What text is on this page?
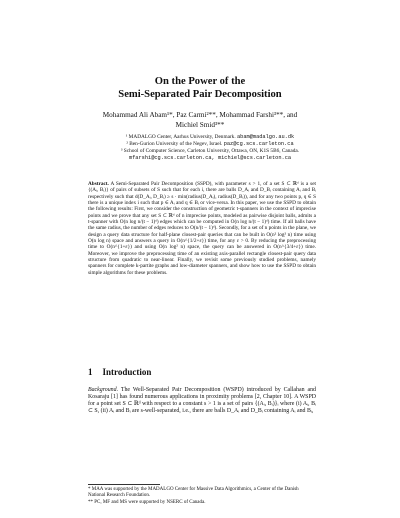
On the Power of the
Semi-Separated Pair Decomposition
Mohammad Ali Abam¹*, Paz Carmi²**, Mohammad Farshi³**, and
Michiel Smid³**
¹ MADALGO Center, Aarhus University, Denmark. abam@madalgo.au.dk
² Ben-Gurion University of the Negev, Israel. paz@cg.scs.carleton.ca
³ School of Computer Science, Carleton University, Ottawa, ON, K1S 5B6, Canada.
mfarshi@cg.scs.carleton.ca, michiel@scs.carleton.ca
Abstract. A Semi-Separated Pair Decomposition (SSPD), with parameter s > 1, of a set S ⊂ ℝᵈ is a set {(Aᵢ, Bᵢ)} of pairs of subsets of S such that for each i, there are balls D_Aᵢ and D_Bᵢ containing Aᵢ and Bᵢ respectively such that d(D_Aᵢ, D_Bᵢ) ≥ s · min(radius(D_Aᵢ), radius(D_Bᵢ)), and for any two points p, q ∈ S there is a unique index i such that p ∈ Aᵢ and q ∈ Bᵢ or vice-versa. In this paper, we use the SSPD to obtain the following results: First, we consider the construction of geometric t-spanners in the context of imprecise points and we prove that any set S ⊂ ℝᵈ of n imprecise points, modeled as pairwise disjoint balls, admits a t-spanner with O(n log n/(t − 1)ᵈ) edges which can be computed in O(n log n/(t − 1)ᵈ) time. If all balls have the same radius, the number of edges reduces to O(n/(t − 1)ᵈ). Secondly, for a set of n points in the plane, we design a query data structure for half-plane closest-pair queries that can be built in O(n² log² n) time using O(n log n) space and answers a query in O(n^{1/2+ε}) time, for any ε > 0. By reducing the preprocessing time to O(n^{1+ε}) and using O(n log² n) space, the query can be answered in O(n^{3/4+ε}) time. Moreover, we improve the preprocessing time of an existing axis-parallel rectangle closest-pair query data structure from quadratic to near-linear. Finally, we revisit some previously studied problems, namely spanners for complete k-partite graphs and low-diameter spanners, and show how to use the SSPD to obtain simple algorithms for these problems.
1 Introduction
Background. The Well-Separated Pair Decomposition (WSPD) introduced by Callahan and Kosaraju [1] has found numerous applications in proximity problems [2, Chapter 10]. A WSPD for a point set S ⊂ ℝᵈ with respect to a constant s > 1 is a set of pairs {(Aᵢ, Bᵢ)}ᵢ where (i) Aᵢ, Bᵢ ⊂ S, (ii) Aᵢ and Bᵢ are s-well-separated, i.e., there are balls D_Aᵢ and D_Bᵢ containing Aᵢ and Bᵢ,
* MAA was supported by the MADALGO Center for Massive Data Algorithmics, a Center of the Danish National Research Foundation.
** PC, MF and MS were supported by NSERC of Canada.
